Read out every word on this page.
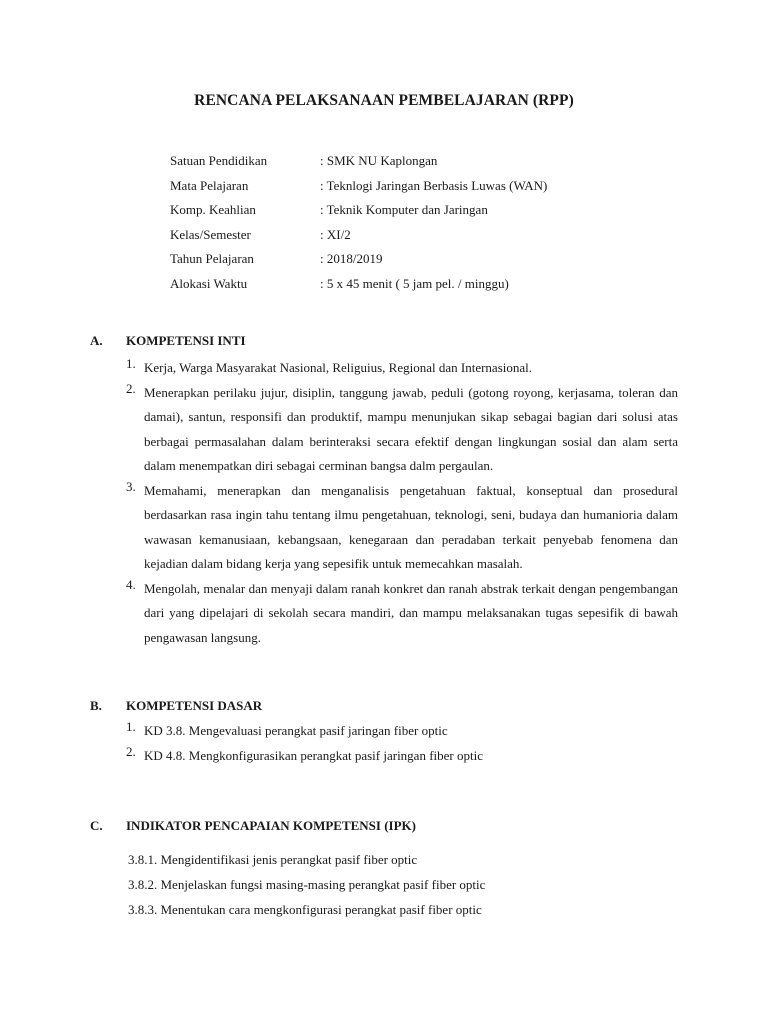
RENCANA PELAKSANAAN PEMBELAJARAN (RPP)
Satuan Pendidikan	: SMK NU Kaplongan
Mata Pelajaran	: Teknlogi Jaringan Berbasis Luwas (WAN)
Komp. Keahlian	: Teknik Komputer dan Jaringan
Kelas/Semester	: XI/2
Tahun Pelajaran	: 2018/2019
Alokasi Waktu	: 5 x 45 menit ( 5 jam pel. / minggu)
A.	KOMPETENSI INTI
1. Kerja, Warga Masyarakat Nasional, Religuius, Regional dan Internasional.
2. Menerapkan perilaku jujur, disiplin, tanggung jawab, peduli (gotong royong, kerjasama, toleran dan damai), santun, responsifi dan produktif, mampu menunjukan sikap sebagai bagian dari solusi atas berbagai permasalahan dalam berinteraksi secara efektif dengan lingkungan sosial dan alam serta dalam menempatkan diri sebagai cerminan bangsa dalm pergaulan.
3. Memahami, menerapkan dan menganalisis pengetahuan faktual, konseptual dan prosedural berdasarkan rasa ingin tahu tentang ilmu pengetahuan, teknologi, seni, budaya dan humanioria dalam wawasan kemanusiaan, kebangsaan, kenegaraan dan peradaban terkait penyebab fenomena dan kejadian dalam bidang kerja yang sepesifik untuk memecahkan masalah.
4. Mengolah, menalar dan menyaji dalam ranah konkret dan ranah abstrak terkait dengan pengembangan dari yang dipelajari di sekolah secara mandiri, dan mampu melaksanakan tugas sepesifik di bawah pengawasan langsung.
B.	KOMPETENSI DASAR
1. KD 3.8. Mengevaluasi perangkat pasif jaringan fiber optic
2. KD 4.8. Mengkonfigurasikan perangkat pasif jaringan fiber optic
C.	INDIKATOR PENCAPAIAN KOMPETENSI (IPK)
3.8.1. Mengidentifikasi jenis perangkat pasif fiber optic
3.8.2. Menjelaskan fungsi masing-masing perangkat pasif fiber optic
3.8.3. Menentukan cara mengkonfigurasi perangkat pasif fiber optic
